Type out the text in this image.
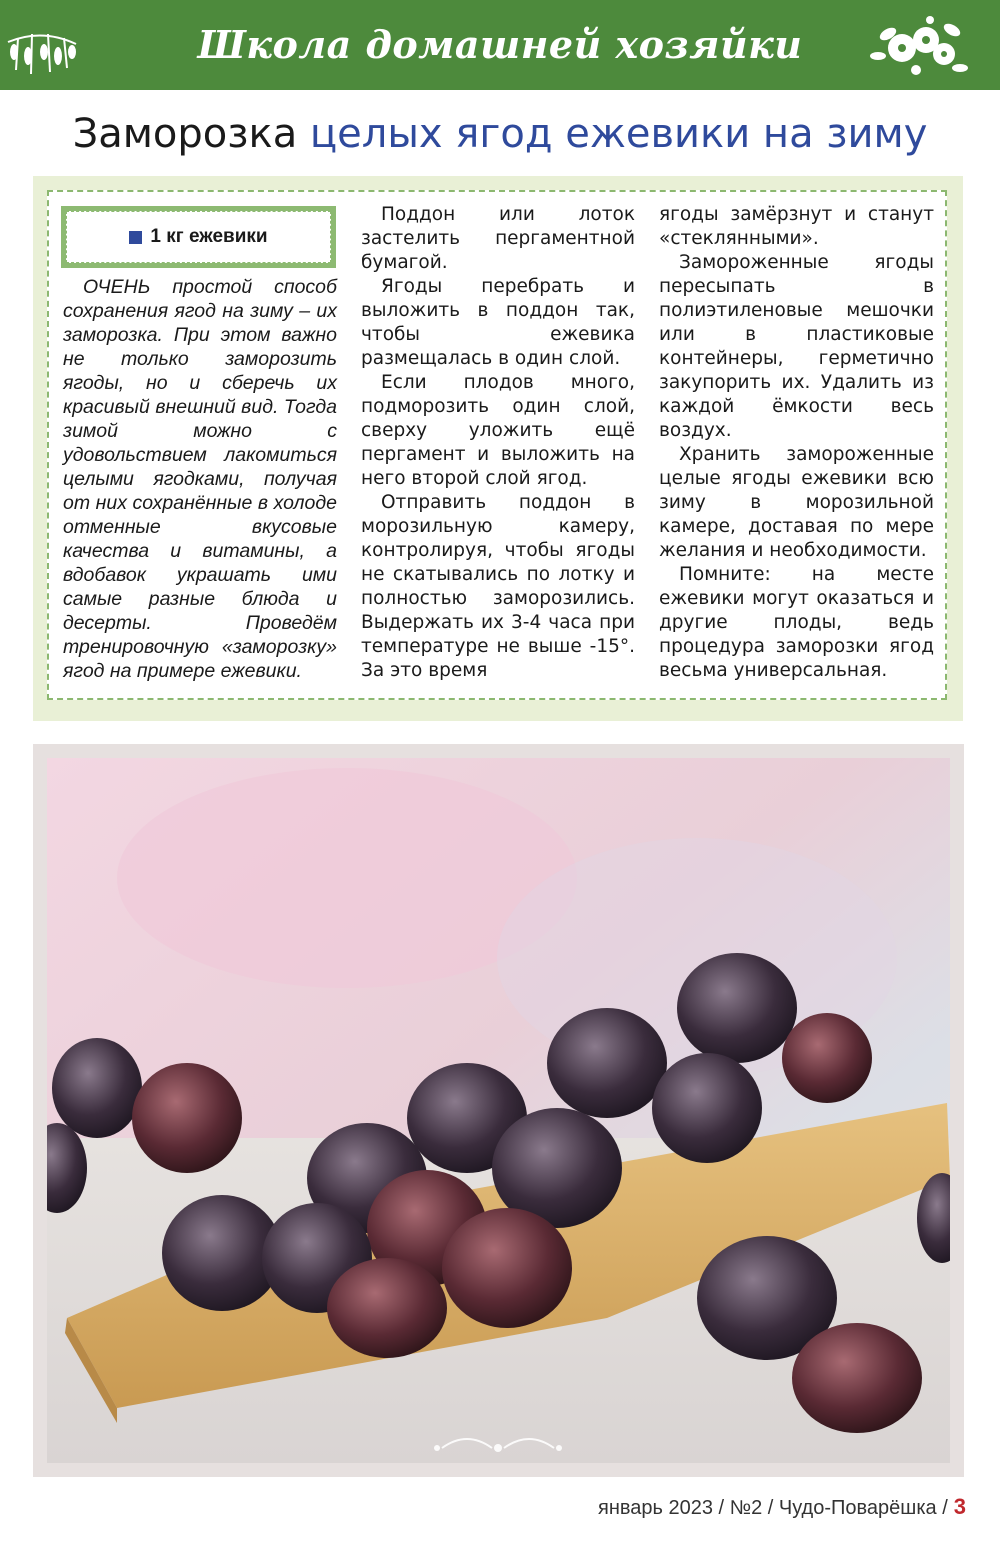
Школа домашней хозяйки
Заморозка целых ягод ежевики на зиму
1 кг ежевики

ОЧЕНЬ простой способ сохранения ягод на зиму – их заморозка. При этом важно не только заморозить ягоды, но и сберечь их красивый внешний вид. Тогда зимой можно с удовольствием лакомиться целыми ягодками, получая от них сохранённые в холоде отменные вкусовые качества и витамины, а вдобавок украшать ими самые разные блюда и десерты. Проведём тренировочную «заморозку» ягод на примере ежевики.

Поддон или лоток застелить пергаментной бумагой.

Ягоды перебрать и выложить в поддон так, чтобы ежевика размещалась в один слой.

Если плодов много, подморозить один слой, сверху уложить ещё пергамент и выложить на него второй слой ягод.

Отправить поддон в морозильную камеру, контролируя, чтобы ягоды не скатывались по лотку и полностью заморозились. Выдержать их 3-4 часа при температуре не выше -15°. За это время

ягоды замёрзнут и станут «стеклянными».

Замороженные ягоды пересыпать в полиэтиленовые мешочки или в пластиковые контейнеры, герметично закупорить их. Удалить из каждой ёмкости весь воздух.

Хранить замороженные целые ягоды ежевики всю зиму в морозильной камере, доставая по мере желания и необходимости.

Помните: на месте ежевики могут оказаться и другие плоды, ведь процедура заморозки ягод весьма универсальная.

январь 2023 / №2 / Чудо-Поварёшка / 3
